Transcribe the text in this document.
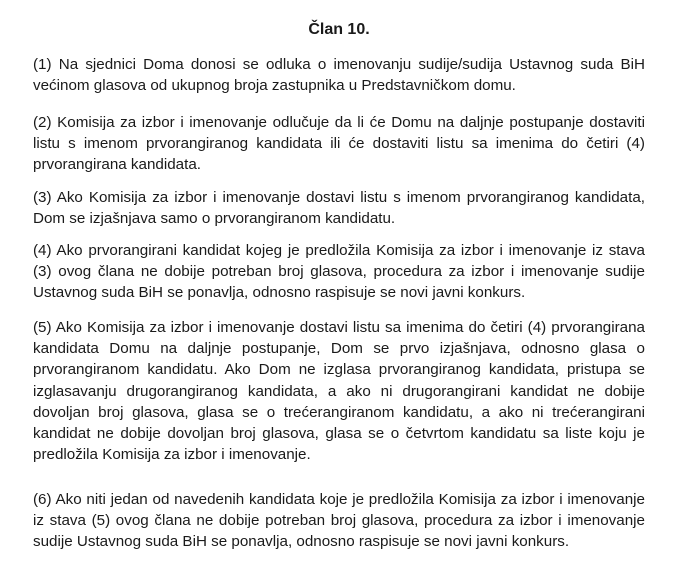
Član 10.

(1) Na sjednici Doma donosi se odluka o imenovanju sudije/sudija Ustavnog suda BiH većinom glasova od ukupnog broja zastupnika u Predstavničkom domu.

(2) Komisija za izbor i imenovanje odlučuje da li će Domu na daljnje postupanje dostaviti listu s imenom prvorangiranog kandidata ili će dostaviti listu sa imenima do četiri (4) prvorangirana kandidata.

(3) Ako Komisija za izbor i imenovanje dostavi listu s imenom prvorangiranog kandidata, Dom se izjašnjava samo o prvorangiranom kandidatu.

(4) Ako prvorangirani kandidat kojeg je predložila Komisija za izbor i imenovanje iz stava (3) ovog člana ne dobije potreban broj glasova, procedura za izbor i imenovanje sudije Ustavnog suda BiH se ponavlja, odnosno raspisuje se novi javni konkurs.

(5) Ako Komisija za izbor i imenovanje dostavi listu sa imenima do četiri (4) prvorangirana kandidata Domu na daljnje postupanje, Dom se prvo izjašnjava, odnosno glasa o prvorangiranom kandidatu. Ako Dom ne izglasa prvorangiranog kandidata, pristupa se izglasavanju drugorangiranog kandidata, a ako ni drugorangirani kandidat ne dobije dovoljan broj glasova, glasa se o trećerangiranom kandidatu, a ako ni trećerangirani kandidat ne dobije dovoljan broj glasova, glasa se o četvrtom kandidatu sa liste koju je predložila Komisija za izbor i imenovanje.

(6) Ako niti jedan od navedenih kandidata koje je predložila Komisija za izbor i imenovanje iz stava (5) ovog člana ne dobije potreban broj glasova, procedura za izbor i imenovanje sudije Ustavnog suda BiH se ponavlja, odnosno raspisuje se novi javni konkurs.
